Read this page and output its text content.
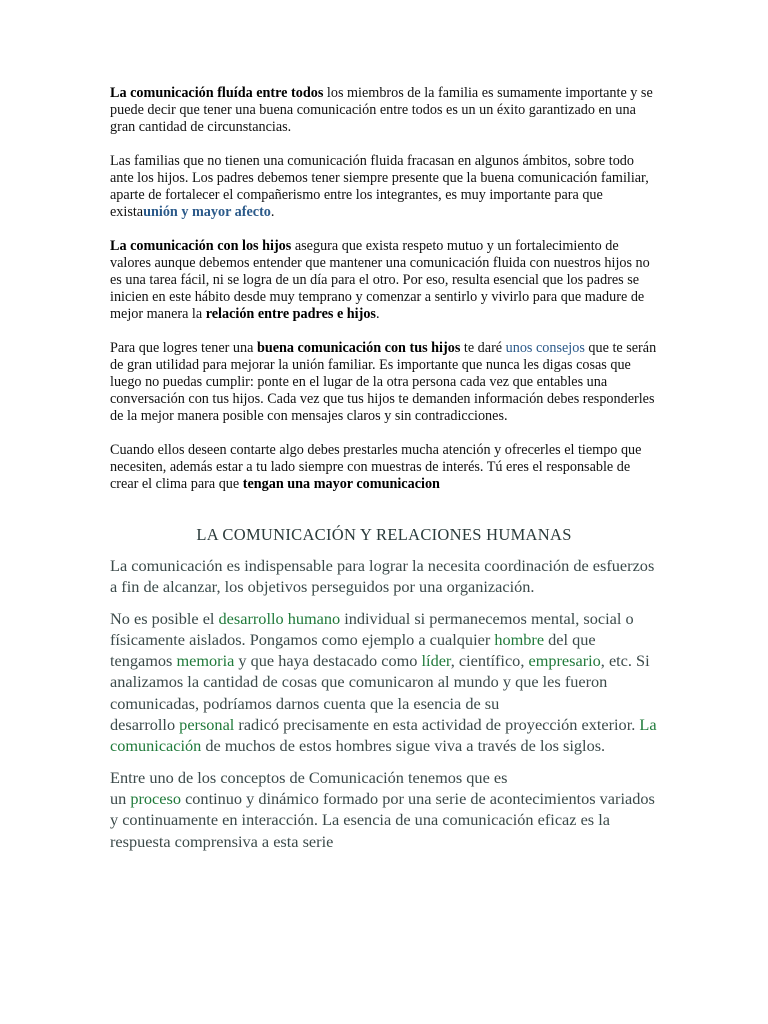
La comunicación fluída entre todos los miembros de la familia es sumamente importante y se puede decir que tener una buena comunicación entre todos es un un éxito garantizado en una gran cantidad de circunstancias.

Las familias que no tienen una comunicación fluida fracasan en algunos ámbitos, sobre todo ante los hijos. Los padres debemos tener siempre presente que la buena comunicación familiar, aparte de fortalecer el compañerismo entre los integrantes, es muy importante para que existaunión y mayor afecto.

La comunicación con los hijos asegura que exista respeto mutuo y un fortalecimiento de valores aunque debemos entender que mantener una comunicación fluida con nuestros hijos no es una tarea fácil, ni se logra de un día para el otro. Por eso, resulta esencial que los padres se inicien en este hábito desde muy temprano y comenzar a sentirlo y vivirlo para que madure de mejor manera la relación entre padres e hijos.

Para que logres tener una buena comunicación con tus hijos te daré unos consejos que te serán de gran utilidad para mejorar la unión familiar. Es importante que nunca les digas cosas que luego no puedas cumplir: ponte en el lugar de la otra persona cada vez que entables una conversación con tus hijos. Cada vez que tus hijos te demanden información debes responderles de la mejor manera posible con mensajes claros y sin contradicciones.

Cuando ellos deseen contarte algo debes prestarles mucha atención y ofrecerles el tiempo que necesiten, además estar a tu lado siempre con muestras de interés. Tú eres el responsable de crear el clima para que tengan una mayor comunicacion

LA COMUNICACIÓN Y RELACIONES HUMANAS

La comunicación es indispensable para lograr la necesita coordinación de esfuerzos a fin de alcanzar, los objetivos perseguidos por una organización.

No es posible el desarrollo humano individual si permanecemos mental, social o físicamente aislados. Pongamos como ejemplo a cualquier hombre del que tengamos memoria y que haya destacado como líder, científico, empresario, etc. Si analizamos la cantidad de cosas que comunicaron al mundo y que les fueron comunicadas, podríamos darnos cuenta que la esencia de su
desarrollo personal radicó precisamente en esta actividad de proyección exterior. La comunicación de muchos de estos hombres sigue viva a través de los siglos.

Entre uno de los conceptos de Comunicación tenemos que es
un proceso continuo y dinámico formado por una serie de acontecimientos variados y continuamente en interacción. La esencia de una comunicación eficaz es la respuesta comprensiva a esta serie
